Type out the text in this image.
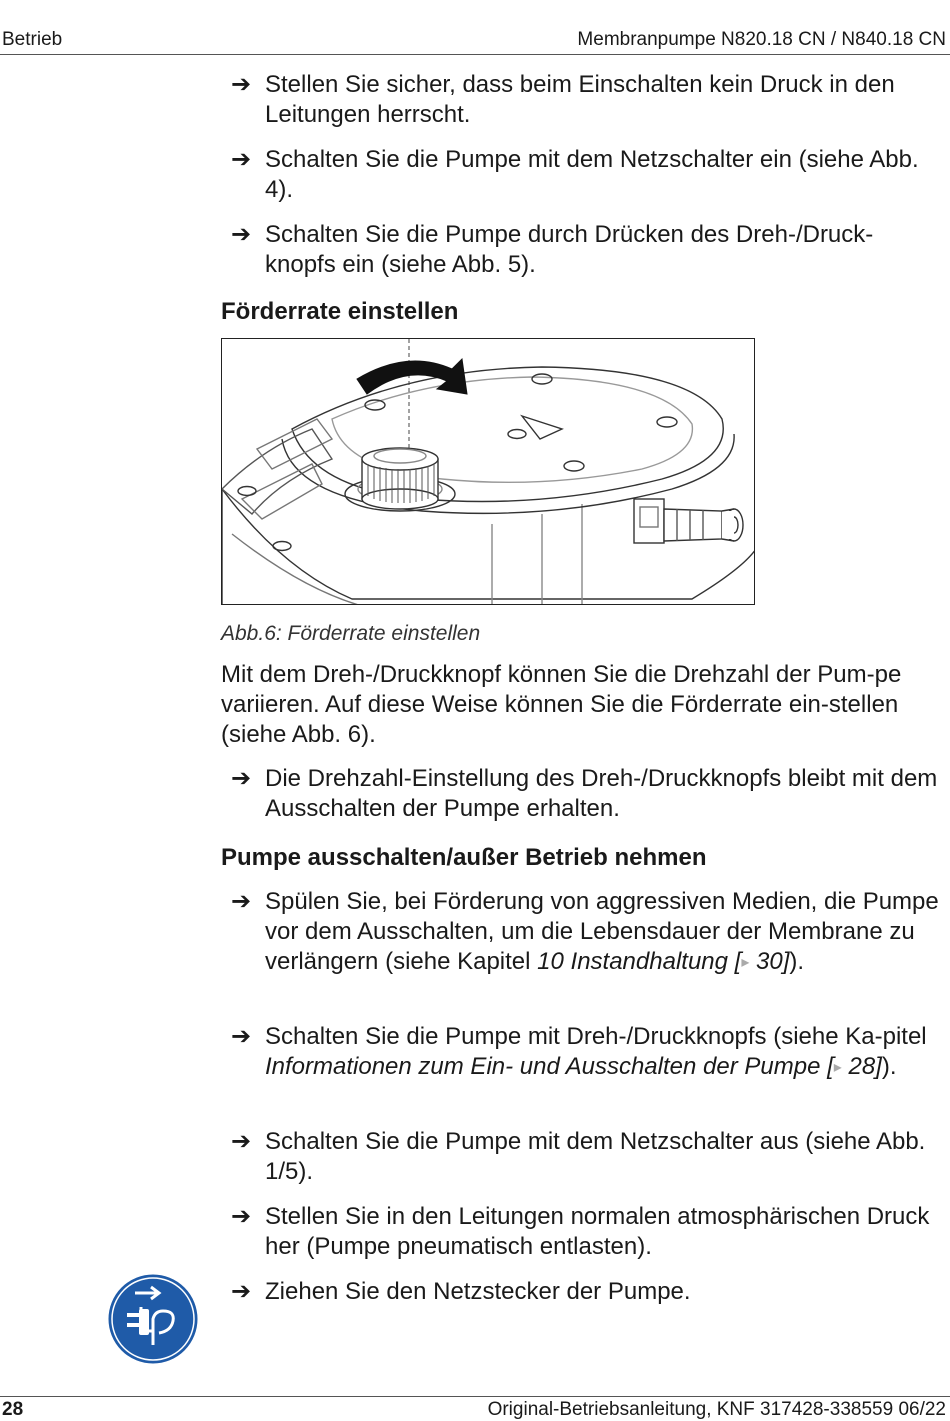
Betrieb	Membranpumpe N820.18 CN / N840.18 CN
➔ Stellen Sie sicher, dass beim Einschalten kein Druck in den Leitungen herrscht.
➔ Schalten Sie die Pumpe mit dem Netzschalter ein (siehe Abb. 4).
➔ Schalten Sie die Pumpe durch Drücken des Dreh-/Druck-knopfs ein (siehe Abb. 5).
Förderrate einstellen
Abb.6: Förderrate einstellen
Mit dem Dreh-/Druckknopf können Sie die Drehzahl der Pum-pe variieren. Auf diese Weise können Sie die Förderrate ein-stellen (siehe Abb. 6).
➔ Die Drehzahl-Einstellung des Dreh-/Druckknopfs bleibt mit dem Ausschalten der Pumpe erhalten.
Pumpe ausschalten/außer Betrieb nehmen
➔ Spülen Sie, bei Förderung von aggressiven Medien, die Pumpe vor dem Ausschalten, um die Lebensdauer der Membrane zu verlängern (siehe Kapitel 10 Instandhaltung [▸ 30]).
➔ Schalten Sie die Pumpe mit Dreh-/Druckknopfs (siehe Ka-pitel Informationen zum Ein- und Ausschalten der Pumpe [▸ 28]).
➔ Schalten Sie die Pumpe mit dem Netzschalter aus (siehe Abb. 1/5).
➔ Stellen Sie in den Leitungen normalen atmosphärischen Druck her (Pumpe pneumatisch entlasten).
➔ Ziehen Sie den Netzstecker der Pumpe.
28	Original-Betriebsanleitung, KNF 317428-338559 06/22
